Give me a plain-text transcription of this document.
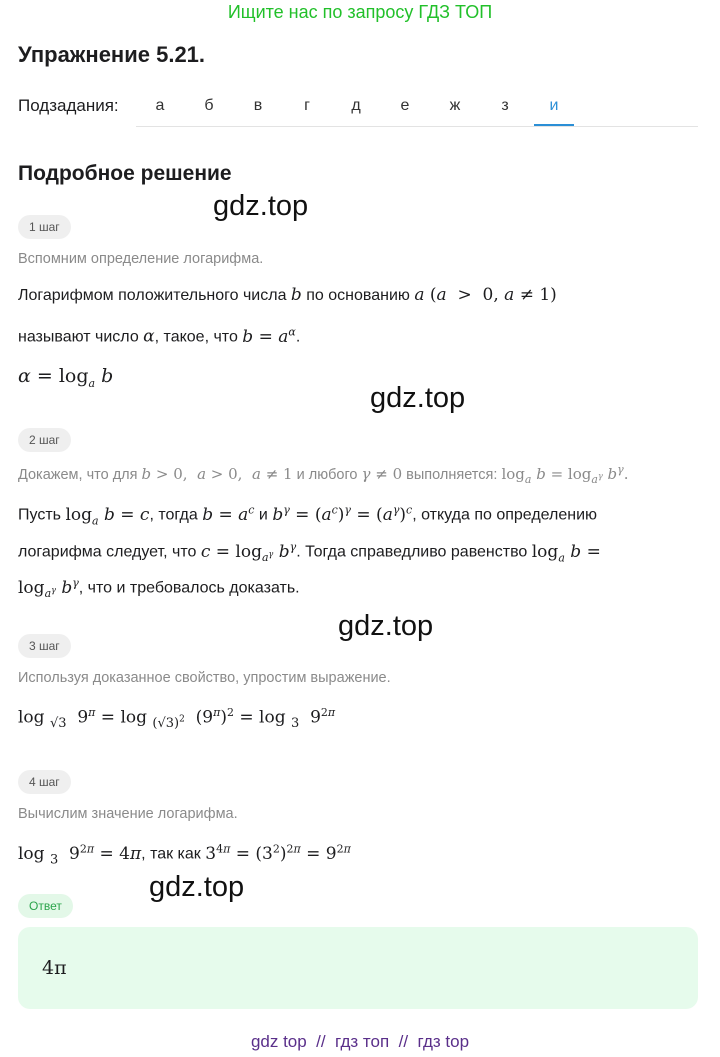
Ищите нас по запросу ГДЗ ТОП
Упражнение 5.21.
Подзадания:	а	б	в	г	д	е	ж	з	и
Подробное решение
gdz.top
gdz.top
gdz.top
gdz.top
1 шаг
Вспомним определение логарифма.
Логарифмом положительного числа b по основанию a (a  >  0, a ≠ 1)
называют число α, такое, что $b = a^\alpha$.
$\alpha = \log_a b$
2 шаг
Докажем, что для b > 0,  a > 0,  a ≠ 1 и любого γ ≠ 0 выполняется: $\log_a b = \log_{a^\gamma} b^\gamma$.
Пусть $\log_a b = c$, тогда $b = a^c$ и $b^\gamma = (a^c)^\gamma = (a^\gamma)^c$, откуда по определению
логарифма следует, что $c = \log_{a^\gamma} b^\gamma$. Тогда справедливо равенство $\log_a b$ =
$\log_{a^\gamma} b^\gamma$, что и требовалось доказать.
3 шаг
Используя доказанное свойство, упростим выражение.
log $_{√3}$  $9^\pi = \log _{(√3)^2}$  $(9^\pi)^2 = \log _3$  $9^{2\pi}$
4 шаг
Вычислим значение логарифма.
log $_3$  $9^{2\pi} = 4\pi$, так как $3^{4\pi} = (3^2)^{2\pi} = 9^{2\pi}$
Ответ
4π
gdz top  //  гдз топ  //  гдз top
